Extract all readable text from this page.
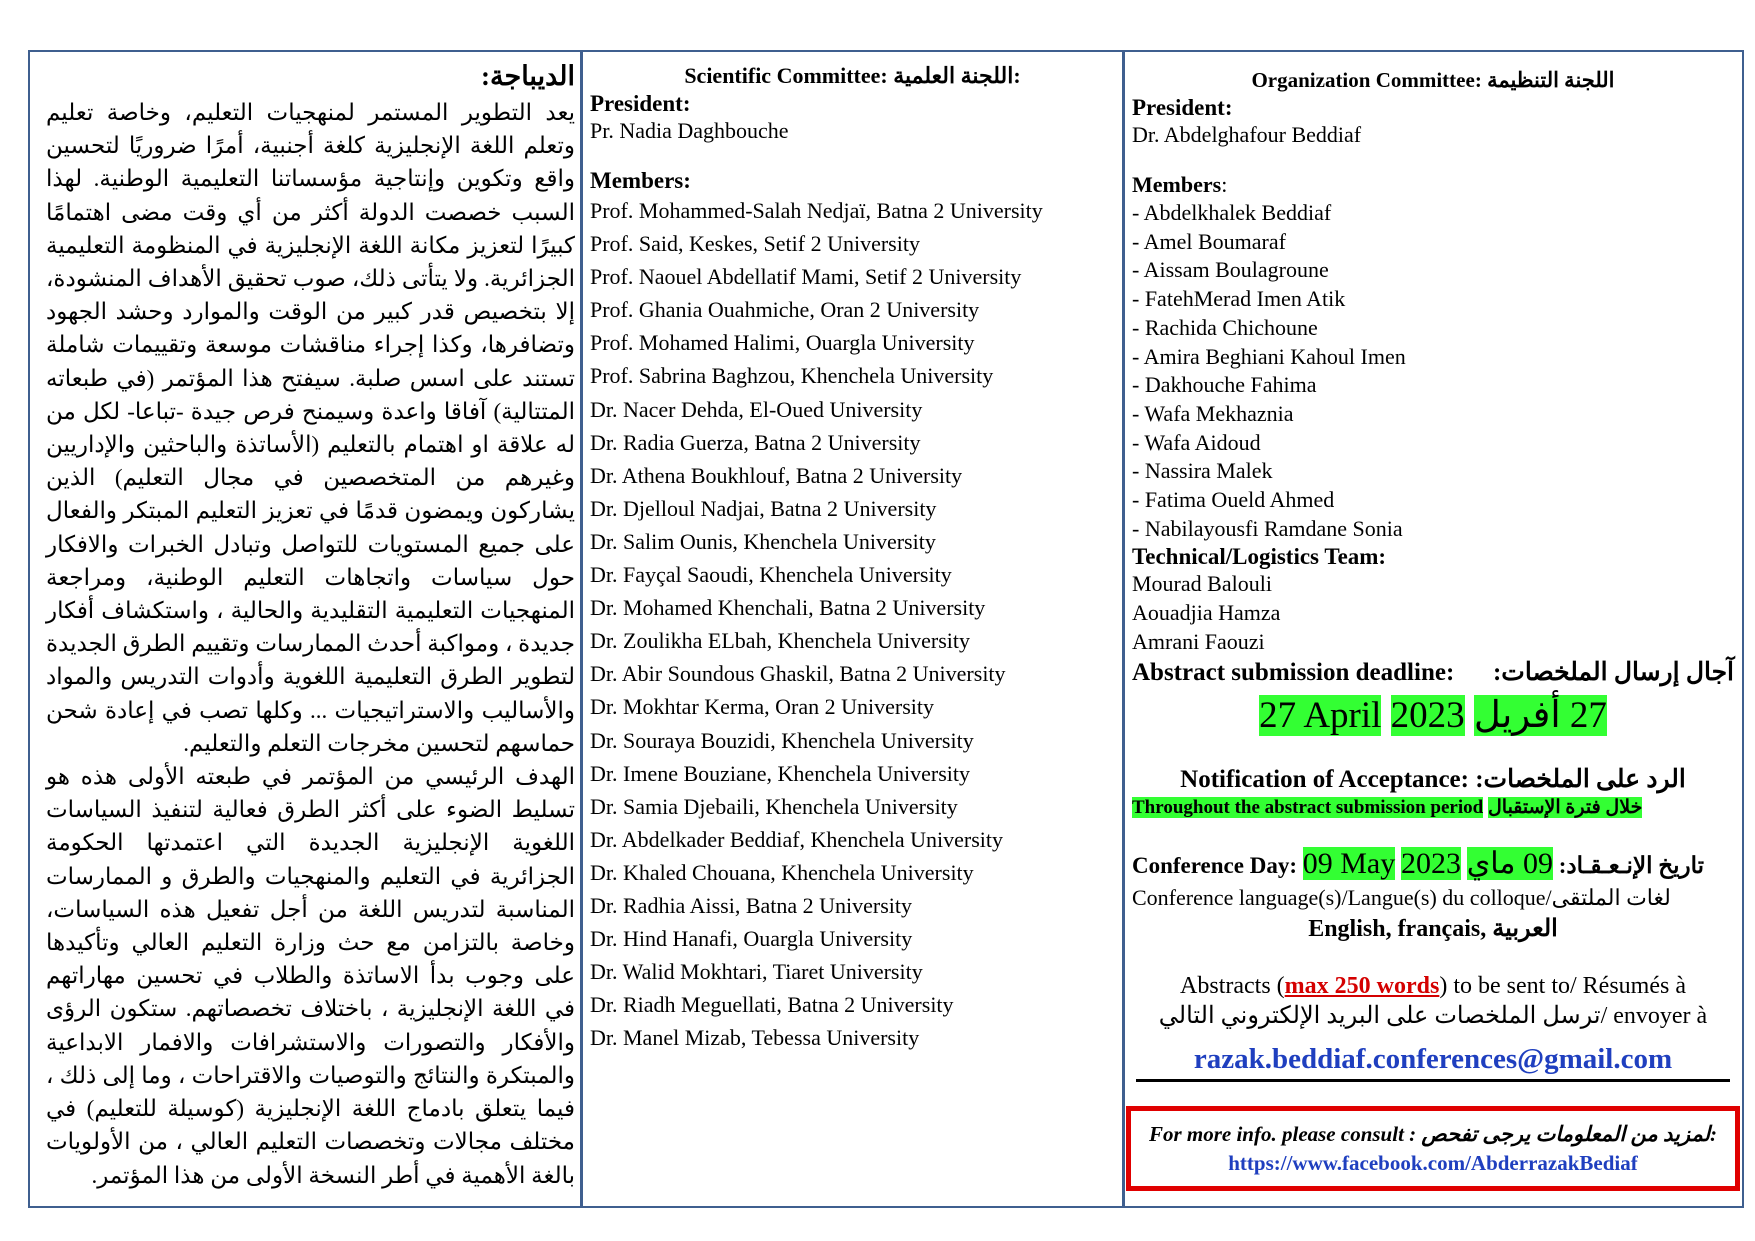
الديباجة:

يعد التطوير المستمر لمنهجيات التعليم، وخاصة تعليم وتعلم اللغة الإنجليزية كلغة أجنبية، أمرًا ضروريًا لتحسين واقع وتكوين وإنتاجية مؤسساتنا التعليمية الوطنية. لهذا السبب خصصت الدولة أكثر من أي وقت مضى اهتمامًا كبيرًا لتعزيز مكانة اللغة الإنجليزية في المنظومة التعليمية الجزائرية. ولا يتأتى ذلك، صوب تحقيق الأهداف المنشودة، إلا بتخصيص قدر كبير من الوقت والموارد وحشد الجهود وتضافرها، وكذا إجراء مناقشات موسعة وتقييمات شاملة تستند على اسس صلبة. سيفتح هذا المؤتمر (في طبعاته المتتالية) آفاقا واعدة وسيمنح فرص جيدة -تباعا- لكل من له علاقة او اهتمام بالتعليم (الأساتذة والباحثين والإداريين وغيرهم من المتخصصين في مجال التعليم) الذين يشاركون ويمضون قدمًا في تعزيز التعليم المبتكر والفعال على جميع المستويات للتواصل وتبادل الخبرات والافكار حول سياسات واتجاهات التعليم الوطنية، ومراجعة المنهجيات التعليمية التقليدية والحالية ، واستكشاف أفكار جديدة ، ومواكبة أحدث الممارسات وتقييم الطرق الجديدة لتطوير الطرق التعليمية اللغوية وأدوات التدريس والمواد والأساليب والاستراتيجيات ... وكلها تصب في إعادة شحن حماسهم لتحسين مخرجات التعلم والتعليم.

الهدف الرئيسي من المؤتمر في طبعته الأولى هذه هو تسليط الضوء على أكثر الطرق فعالية لتنفيذ السياسات اللغوية الإنجليزية الجديدة التي اعتمدتها الحكومة الجزائرية في التعليم والمنهجيات والطرق و الممارسات المناسبة لتدريس اللغة من أجل تفعيل هذه السياسات، وخاصة بالتزامن مع حث وزارة التعليم العالي وتأكيدها على وجوب بدأ الاساتذة والطلاب في تحسين مهاراتهم في اللغة الإنجليزية ، باختلاف تخصصاتهم. ستكون الرؤى والأفكار والتصورات والاستشرافات والافمار الابداعية والمبتكرة والنتائج والتوصيات والاقتراحات ، وما إلى ذلك ، فيما يتعلق بادماج اللغة الإنجليزية (كوسيلة للتعليم) في مختلف مجالات وتخصصات التعليم العالي ، من الأولويات بالغة الأهمية في أطر النسخة الأولى من هذا المؤتمر.

Scientific Committee: اللجنة العلمية:
President:
Pr. Nadia Daghbouche
Members:
Prof. Mohammed-Salah Nedjaï, Batna 2 University
Prof. Said, Keskes, Setif 2 University
Prof. Naouel Abdellatif Mami, Setif 2 University
Prof. Ghania Ouahmiche, Oran 2 University
Prof. Mohamed Halimi, Ouargla University
Prof. Sabrina Baghzou, Khenchela University
Dr. Nacer Dehda, El-Oued University
Dr. Radia Guerza, Batna 2 University
Dr. Athena Boukhlouf, Batna 2 University
Dr. Djelloul Nadjai, Batna 2 University
Dr. Salim Ounis, Khenchela University
Dr. Fayçal Saoudi, Khenchela University
Dr. Mohamed Khenchali, Batna 2 University
Dr. Zoulikha ELbah, Khenchela University
Dr. Abir Soundous Ghaskil, Batna 2 University
Dr. Mokhtar Kerma, Oran 2 University
Dr. Souraya Bouzidi, Khenchela University
Dr. Imene Bouziane, Khenchela University
Dr. Samia Djebaili, Khenchela University
Dr. Abdelkader Beddiaf, Khenchela University
Dr. Khaled Chouana, Khenchela University
Dr. Radhia Aissi, Batna 2 University
Dr. Hind Hanafi, Ouargla University
Dr. Walid Mokhtari, Tiaret University
Dr. Riadh Meguellati, Batna 2 University
Dr. Manel Mizab, Tebessa University
Organization Committee: اللجنة التنظيمة
President:
Dr. Abdelghafour Beddiaf
Members:
- Abdelkhalek Beddiaf
- Amel Boumaraf
- Aissam Boulagroune
- FatehMerad Imen Atik
- Rachida Chichoune
- Amira Beghiani Kahoul Imen
- Dakhouche Fahima
- Wafa Mekhaznia
- Wafa Aidoud
- Nassira Malek
- Fatima Oueld Ahmed
- Nabilayousfi Ramdane Sonia
Technical/Logistics Team:
Mourad Balouli
Aouadjia Hamza
Amrani Faouzi
Abstract submission deadline: آجال إرسال الملخصات:
27 April 2023 27 أفريل
Notification of Acceptance: الرد على الملخصات:
Throughout the abstract submission period خلال فترة الإستقبال
Conference Day: 09 May 2023 09 ماي تاريخ الإنـعـقـاد:
Conference language(s)/Langue(s) du colloque/لغات الملتقى
English, français, العربية
Abstracts (max 250 words) to be sent to/ Résumés à
ترسل الملخصات على البريد الإلكتروني التالي/ envoyer à
razak.beddiaf.conferences@gmail.com
For more info. please consult : لمزيد من المعلومات يرجى تفحص:
https://www.facebook.com/AbderrazakBediaf
